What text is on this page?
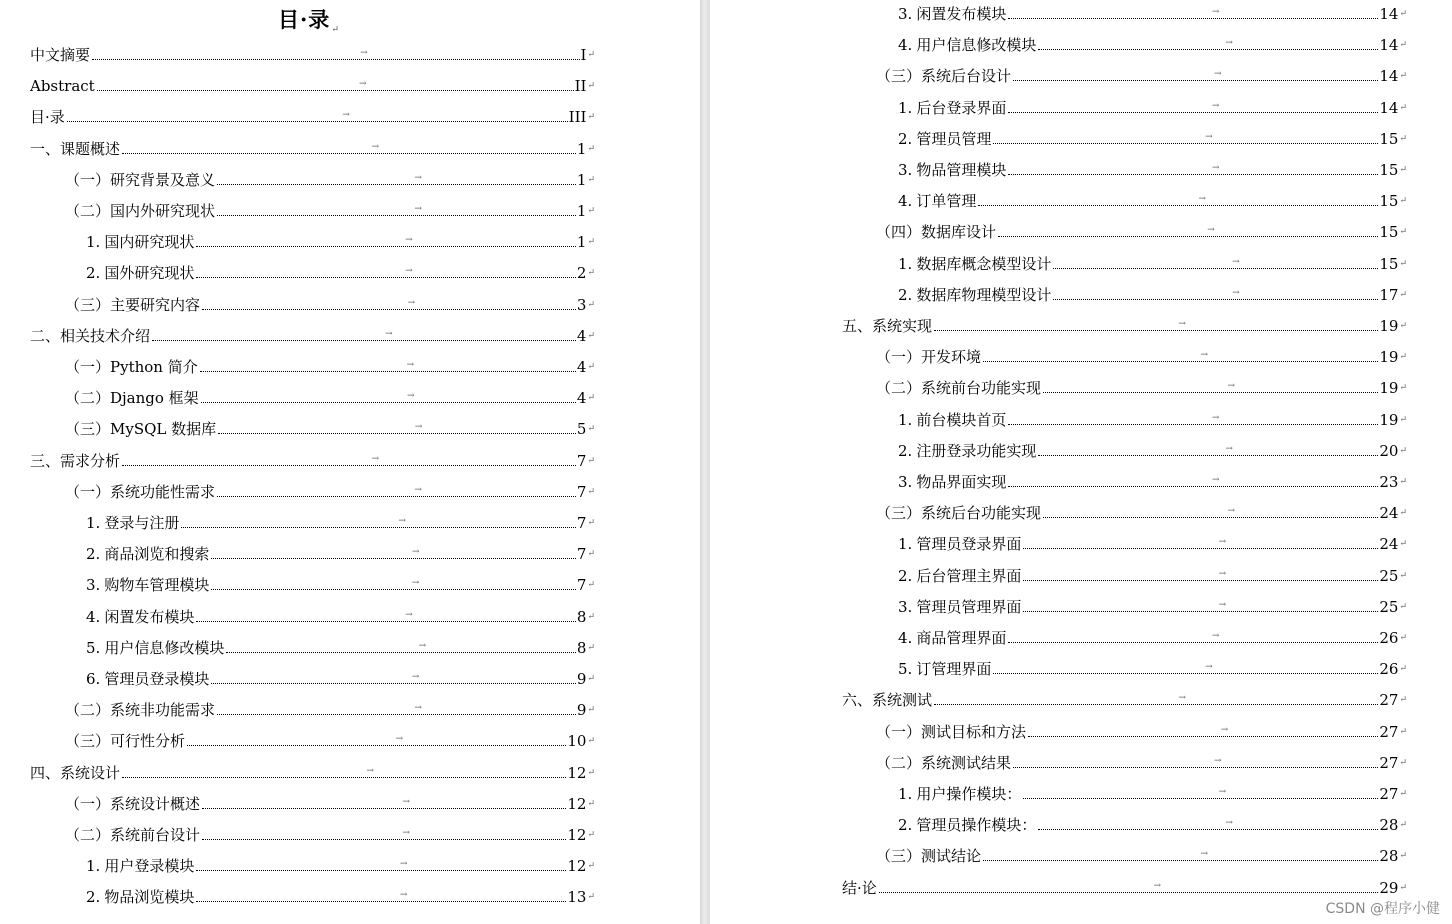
目·录$_↵$
中文摘要	→	I ↵
Abstract	→	II ↵
目·录	→	III ↵
一、课题概述	→	1 ↵
（一）研究背景及意义	→	1 ↵
（二）国内外研究现状	→	1 ↵
1. 国内研究现状	→	1 ↵
2. 国外研究现状	→	2 ↵
（三）主要研究内容	→	3 ↵
二、相关技术介绍	→	4 ↵
（一）Python 简介	→	4 ↵
（二）Django 框架	→	4 ↵
（三）MySQL 数据库	→	5 ↵
三、需求分析	→	7 ↵
（一）系统功能性需求	→	7 ↵
1. 登录与注册	→	7 ↵
2. 商品浏览和搜索	→	7 ↵
3. 购物车管理模块	→	7 ↵
4. 闲置发布模块	→	8 ↵
5. 用户信息修改模块	→	8 ↵
6. 管理员登录模块	→	9 ↵
（二）系统非功能需求	→	9 ↵
（三）可行性分析	→	10 ↵
四、系统设计	→	12 ↵
（一）系统设计概述	→	12 ↵
（二）系统前台设计	→	12 ↵
1. 用户登录模块	→	12 ↵
2. 物品浏览模块	→	13 ↵
3. 闲置发布模块	→	14 ↵
4. 用户信息修改模块	→	14 ↵
（三）系统后台设计	→	14 ↵
1. 后台登录界面	→	14 ↵
2. 管理员管理	→	15 ↵
3. 物品管理模块	→	15 ↵
4. 订单管理	→	15 ↵
（四）数据库设计	→	15 ↵
1. 数据库概念模型设计	→	15 ↵
2. 数据库物理模型设计	→	17 ↵
五、系统实现	→	19 ↵
（一）开发环境	→	19 ↵
（二）系统前台功能实现	→	19 ↵
1. 前台模块首页	→	19 ↵
2. 注册登录功能实现	→	20 ↵
3. 物品界面实现	→	23 ↵
（三）系统后台功能实现	→	24 ↵
1. 管理员登录界面	→	24 ↵
2. 后台管理主界面	→	25 ↵
3. 管理员管理界面	→	25 ↵
4. 商品管理界面	→	26 ↵
5. 订管理界面	→	26 ↵
六、系统测试	→	27 ↵
（一）测试目标和方法	→	27 ↵
（二）系统测试结果	→	27 ↵
1. 用户操作模块：	→	27 ↵
2. 管理员操作模块：	→	28 ↵
（三）测试结论	→	28 ↵
结·论	→	29 ↵
CSDN @程序小健
